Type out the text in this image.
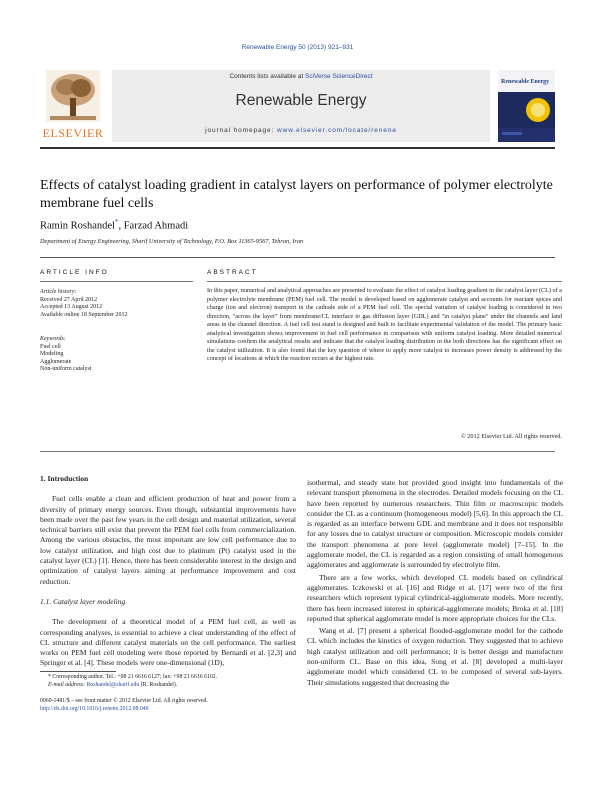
Renewable Energy 50 (2013) 921–931
ELSEVIER
Contents lists available at SciVerse ScienceDirect
Renewable Energy
journal homepage: www.elsevier.com/locate/renene
Renewable Energy
Effects of catalyst loading gradient in catalyst layers on performance of polymer electrolyte membrane fuel cells
Ramin Roshandel*, Farzad Ahmadi
Department of Energy Engineering, Sharif University of Technology, P.O. Box 11365-9567, Tehran, Iran
ARTICLE INFO	ABSTRACT
Article history:
Received 27 April 2012
Accepted 13 August 2012
Available online 18 September 2012
Keywords:
Fuel cell
Modeling
Agglomerate
Non-uniform catalyst
In this paper, numerical and analytical approaches are presented to evaluate the effect of catalyst loading gradient in the catalyst layer (CL) of a polymer electrolyte membrane (PEM) fuel cell. The model is developed based on agglomerate catalyst and accounts for reactant spices and charge (ion and electron) transport in the cathode side of a PEM fuel cell. The special variation of catalyst loading is considered in two direction, "across the layer" from membrane/CL interface to gas diffusion layer (GDL) and "in catalyst plane" under the channels and land areas in the channel direction. A fuel cell test stand is designed and built to facilitate experimental validation of the model. The primary basic analytical investigation shows improvement in fuel cell performance in comparison with uniform catalyst loading. More detailed numerical simulations confirm the analytical results and indicate that the catalyst loading distribution in the both directions has the significant effect on the catalyst utilization. It is also found that the key question of where to apply more catalyst to increases power density is addressed by the concept of locations at which the reaction occurs at the highest rate.
© 2012 Elsevier Ltd. All rights reserved.
1. Introduction

Fuel cells enable a clean and efficient production of heat and power from a diversity of primary energy sources. Even though, substantial improvements have been made over the past few years in the cell design and material utilization, several technical barriers still exist that prevent the PEM fuel cells from commercialization. Among the various obstacles, the most important are low cell performance due to low catalyst utilization, and high cost due to platinum (Pt) catalyst used in the catalyst layer (CL) [1]. Hence, there has been considerable interest in the design and optimization of catalyst layers aiming at performance improvement and cost reduction.

1.1. Catalyst layer modeling

The development of a theoretical model of a PEM fuel cell, as well as corresponding analyses, is essential to achieve a clear understanding of the effect of CL structure and different catalyst materials on the cell performance. The earliest works on PEM fuel cell modeling were those reported by Bernardi et al. [2,3] and Springer et al. [4]. These models were one-dimensional (1D),

isothermal, and steady state but provided good insight into fundamentals of the relevant transport phenomena in the electrodes. Detailed models focusing on the CL have been reported by numerous researchers. Thin film or macroscopic models consider the CL as a continuum (homogeneous model) [5,6]. In this approach the CL is regarded as an interface between GDL and membrane and it does not responsible for any losses due to catalyst structure or composition. Microscopic models consider the transport phenomena at pore level (agglomerate model) [7–15]. In the agglomerate model, the CL is regarded as a region consisting of small homogenous agglomerates and agglomerate is surrounded by electrolyte film.

There are a few works, which developed CL models based on cylindrical agglomerates. Iczkowski et al. [16] and Ridge et al. [17] were two of the first researchers which represent typical cylindrical-agglomerate models. More recently, there has been increased interest in spherical-agglomerate models; Broka et al. [18] reported that spherical agglomerate model is more appropriate choices for the CLs.

Wang et al. [7] present a spherical flooded-agglomerate model for the cathode CL which includes the kinetics of oxygen reduction. They suggested that to achieve high catalyst utilization and cell performance; it is better design and manufacture non-uniform CL. Base on this idea, Song et al. [8] developed a multi-layer agglomerate model which considered CL to be composed of several sub-layers. Their simulations suggested that decreasing the

* Corresponding author. Tel.: +98 21 6616 6127; fax: +98 21 6616 6102.
E-mail address: Roshandel@sharif.edu (R. Roshandel).
0960-1481/$ – see front matter © 2012 Elsevier Ltd. All rights reserved.
http://dx.doi.org/10.1016/j.renene.2012.08.040
